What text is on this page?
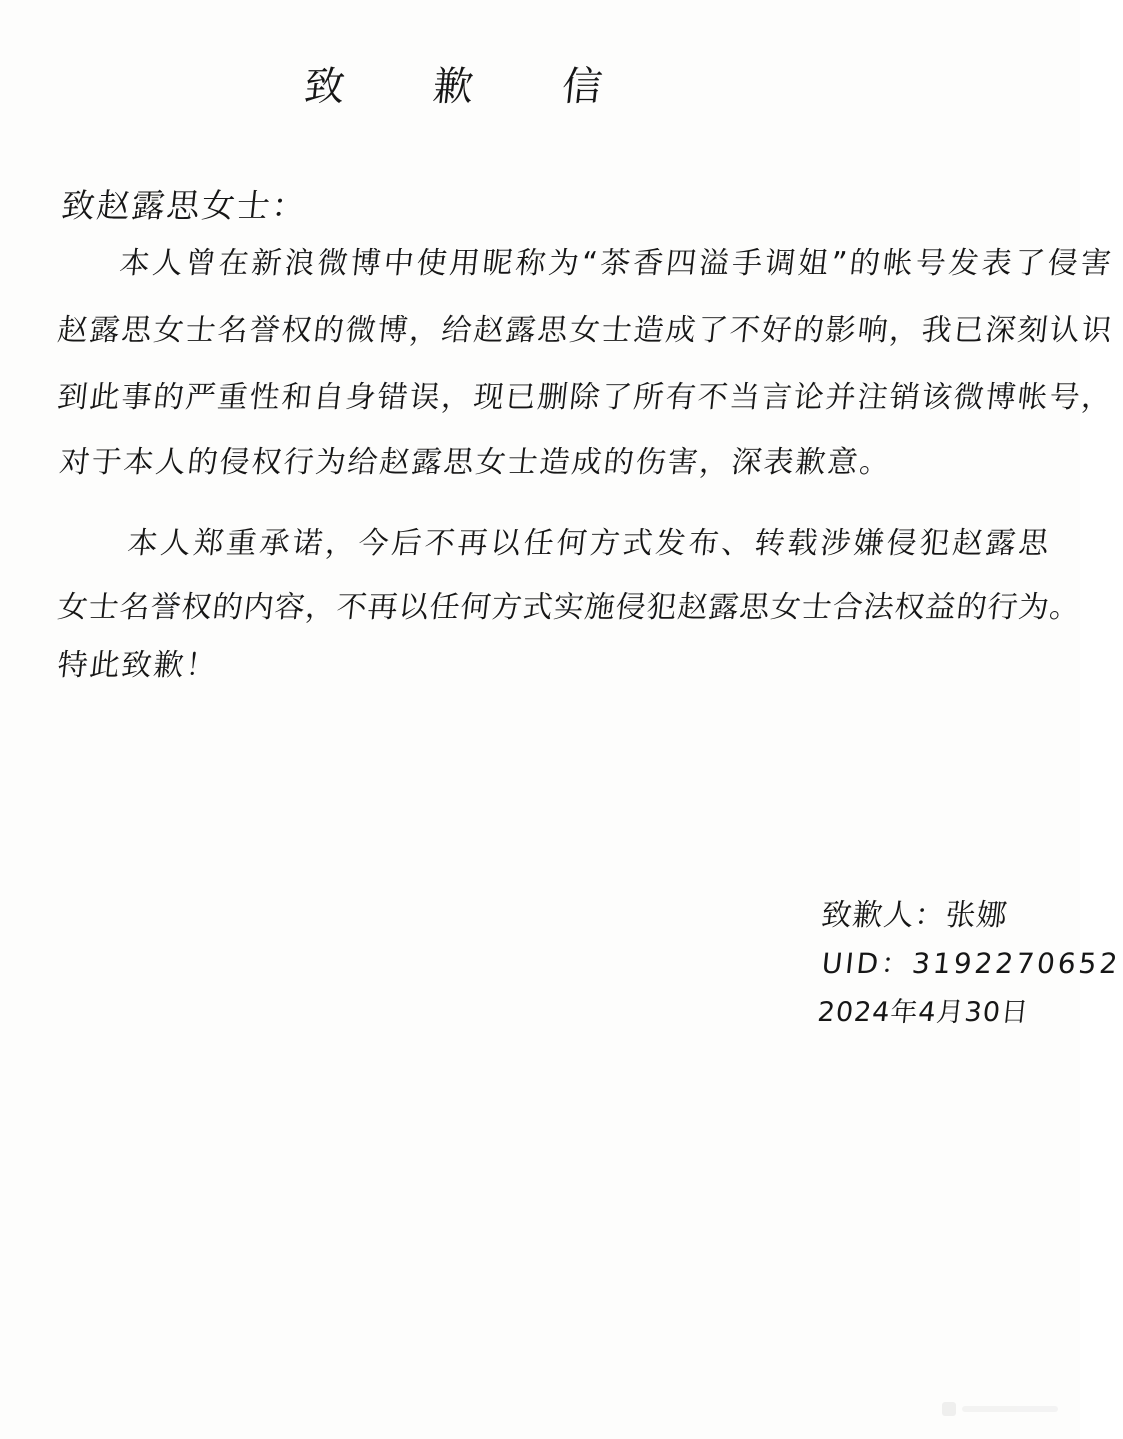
致 歉 信
致赵露思女士：
本人曾在新浪微博中使用昵称为“茶香四溢手调姐”的帐号发表了侵害
赵露思女士名誉权的微博，给赵露思女士造成了不好的影响，我已深刻认识
到此事的严重性和自身错误，现已删除了所有不当言论并注销该微博帐号，
对于本人的侵权行为给赵露思女士造成的伤害，深表歉意。
本人郑重承诺，今后不再以任何方式发布、转载涉嫌侵犯赵露思
女士名誉权的内容，不再以任何方式实施侵犯赵露思女士合法权益的行为。
特此致歉！
致歉人：张娜
UID：3192270652
2024年4月30日
